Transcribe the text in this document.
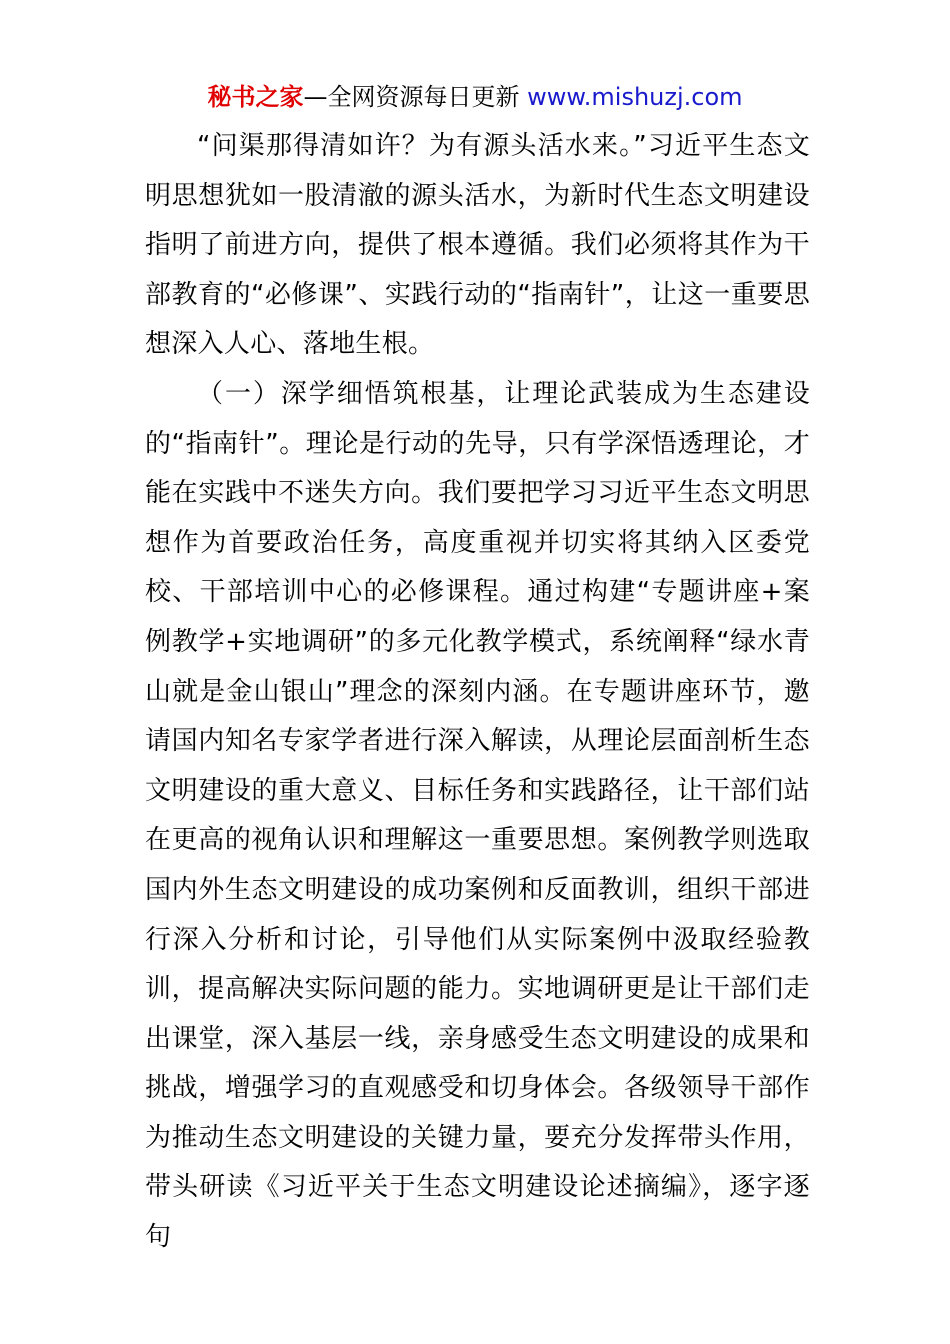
秘书之家—全网资源每日更新 www.mishuzj.com

“问渠那得清如许？为有源头活水来。”习近平生态文明思想犹如一股清澈的源头活水，为新时代生态文明建设指明了前进方向，提供了根本遵循。我们必须将其作为干部教育的“必修课”、实践行动的“指南针”，让这一重要思想深入人心、落地生根。

（一）深学细悟筑根基，让理论武装成为生态建设的“指南针”。理论是行动的先导，只有学深悟透理论，才能在实践中不迷失方向。我们要把学习习近平生态文明思想作为首要政治任务，高度重视并切实将其纳入区委党校、干部培训中心的必修课程。通过构建“专题讲座+案例教学+实地调研”的多元化教学模式，系统阐释“绿水青山就是金山银山”理念的深刻内涵。在专题讲座环节，邀请国内知名专家学者进行深入解读，从理论层面剖析生态文明建设的重大意义、目标任务和实践路径，让干部们站在更高的视角认识和理解这一重要思想。案例教学则选取国内外生态文明建设的成功案例和反面教训，组织干部进行深入分析和讨论，引导他们从实际案例中汲取经验教训，提高解决实际问题的能力。实地调研更是让干部们走出课堂，深入基层一线，亲身感受生态文明建设的成果和挑战，增强学习的直观感受和切身体会。各级领导干部作为推动生态文明建设的关键力量，要充分发挥带头作用，带头研读《习近平关于生态文明建设论述摘编》，逐字逐句
